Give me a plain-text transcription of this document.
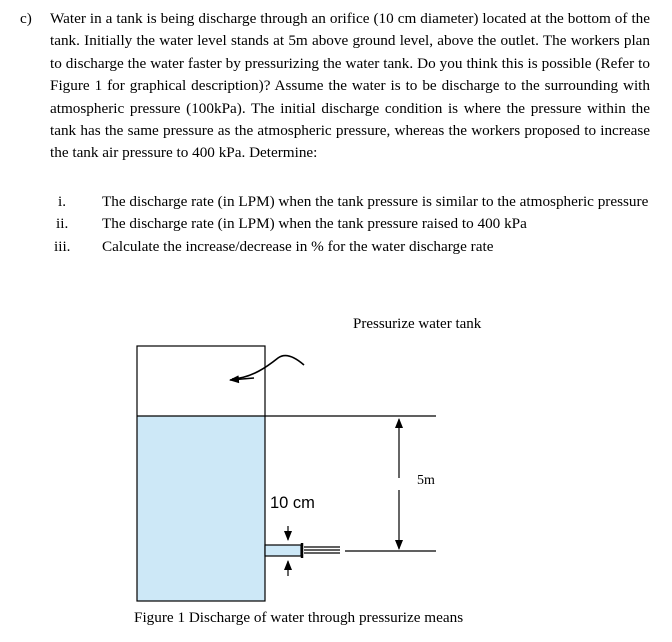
c) Water in a tank is being discharge through an orifice (10 cm diameter) located at the bottom of the tank. Initially the water level stands at 5m above ground level, above the outlet. The workers plan to discharge the water faster by pressurizing the water tank. Do you think this is possible (Refer to Figure 1 for graphical description)? Assume the water is to be discharge to the surrounding with atmospheric pressure (100kPa). The initial discharge condition is where the pressure within the tank has the same pressure as the atmospheric pressure, whereas the workers proposed to increase the tank air pressure to 400 kPa. Determine:
i.	The discharge rate (in LPM) when the tank pressure is similar to the atmospheric pressure
ii.	The discharge rate (in LPM) when the tank pressure raised to 400 kPa
iii.	Calculate the increase/decrease in % for the water discharge rate
Pressurize water tank
5m
10 cm
Figure 1 Discharge of water through pressurize means
